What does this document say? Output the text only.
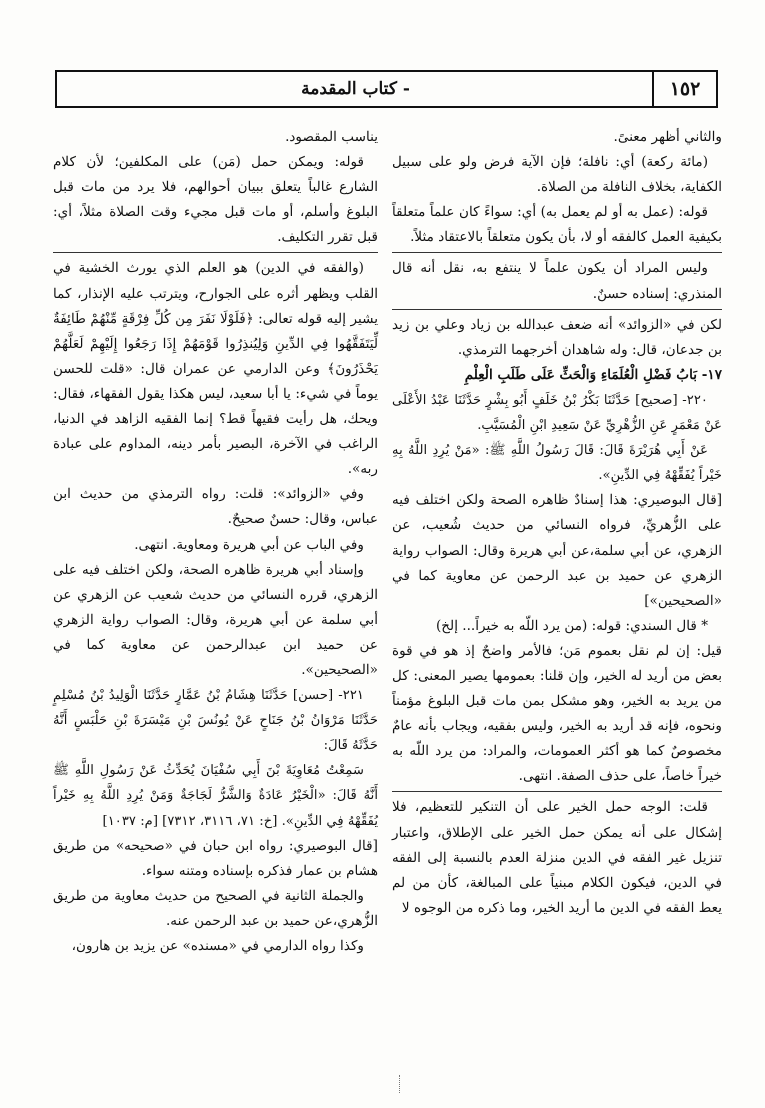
١٥٢
- كتاب المقدمة

والثاني أظهر معنىً.

(مائة ركعة) أي: نافلة؛ فإن الآية فرض ولو على سبيل الكفاية، بخلاف النافلة من الصلاة.

قوله: (عمل به أو لم يعمل به) أي: سواءً كان علماً متعلقاً بكيفية العمل كالفقه أو لا، بأن يكون متعلقاً بالاعتقاد مثلاً.

وليس المراد أن يكون علماً لا ينتفع به، نقل أنه قال المنذري: إسناده حسنٌ.

لكن في «الزوائد» أنه ضعف عبدالله بن زياد وعلي بن زيد بن جدعان، قال: وله شاهدان أخرجهما الترمذي.

١٧- بَابُ فَضْلِ الْعُلَمَاءِ وَالْحَثِّ عَلَى طَلَبِ الْعِلْمِ

٢٢٠- [صحيح] حَدَّثَنَا بَكْرُ بْنُ خَلَفٍ أَبُو بِشْرٍ حَدَّثَنَا عَبْدُ الأَعْلَى عَنْ مَعْمَرٍ عَنِ الزُّهْرِيِّ عَنْ سَعِيدِ ابْنِ الْمُسَيَّبِ.

عَنْ أَبِي هُرَيْرَةَ قَالَ: قَالَ رَسُولُ اللَّهِ ﷺ: «مَنْ يُرِدِ اللَّهُ بِهِ خَيْراً يُفَقِّهْهُ فِي الدِّينِ».

[قال البوصيري: هذا إسنادٌ ظاهره الصحة ولكن اختلف فيه على الزُّهريِّ، فرواه النسائي من حديث شُعيب، عن الزهري، عن أبي سلمة،عن أبي هريرة وقال: الصواب رواية الزهري عن حميد بن عبد الرحمن عن معاوية كما في «الصحيحين»]

* قال السندي: قوله: (من يرد اللّه به خيراً... إلخ)

قيل: إن لم نقل بعموم مَن؛ فالأمر واضحٌ إذ هو في قوة بعض من أريد له الخير، وإن قلنا: بعمومها يصير المعنى: كل من يريد به الخير، وهو مشكل بمن مات قبل البلوغ مؤمناً ونحوه، فإنه قد أريد به الخير، وليس بفقيه، ويجاب بأنه عامٌ مخصوصٌ كما هو أكثر العمومات، والمراد: من يرد اللّه به خيراً خاصاً، على حذف الصفة. انتهى.

قلت: الوجه حمل الخير على أن التنكير للتعظيم، فلا إشكال على أنه يمكن حمل الخير على الإطلاق، واعتبار تنزيل غير الفقه في الدين منزلة العدم بالنسبة إلى الفقه في الدين، فيكون الكلام مبنياً على المبالغة، كأن من لم يعط الفقه في الدين ما أريد الخير، وما ذكره من الوجوه لا

يناسب المقصود.

قوله: ويمكن حمل (مَن) على المكلفين؛ لأن كلام الشارع غالباً يتعلق ببيان أحوالهم، فلا يرد من مات قبل البلوغ وأسلم، أو مات قبل مجيء وقت الصلاة مثلاً، أي: قبل تقرر التكليف.

(والفقه في الدين) هو العلم الذي يورث الخشية في القلب ويظهر أثره على الجوارح، ويترتب عليه الإنذار، كما يشير إليه قوله تعالى: ﴿فَلَوْلَا نَفَرَ مِن كُلِّ فِرْقَةٍ مِّنْهُمْ طَائِفَةٌ لِّيَتَفَقَّهُوا فِي الدِّينِ وَلِيُنذِرُوا قَوْمَهُمْ إِذَا رَجَعُوا إِلَيْهِمْ لَعَلَّهُمْ يَحْذَرُونَ﴾ وعن الدارمي عن عمران قال: «قلت للحسن يوماً في شيء: يا أبا سعيد، ليس هكذا يقول الفقهاء، فقال: ويحك، هل رأيت فقيهاً قط؟ إنما الفقيه الزاهد في الدنيا، الراغب في الآخرة، البصير بأمر دينه، المداوم على عبادة ربه».

وفي «الزوائد»: قلت: رواه الترمذي من حديث ابن عباس، وقال: حسنٌ صحيحٌ.

وفي الباب عن أبي هريرة ومعاوية. انتهى.

وإسناد أبي هريرة ظاهره الصحة، ولكن اختلف فيه على الزهري، قرره النسائي من حديث شعيب عن الزهري عن أبي سلمة عن أبي هريرة، وقال: الصواب رواية الزهري عن حميد ابن عبدالرحمن عن معاوية كما في «الصحيحين».

٢٢١- [حسن] حَدَّثَنَا هِشَامُ بْنُ عَمَّارٍ حَدَّثَنَا الْوَلِيدُ بْنُ مُسْلِمٍ حَدَّثَنَا مَرْوَانُ بْنُ جَنَاحٍ عَنْ يُونُسَ بْنِ مَيْسَرَةَ بْنِ حَلْبَسٍ أَنَّهُ حَدَّثَهُ قَالَ:

سَمِعْتُ مُعَاوِيَةَ بْنَ أَبِي سُفْيَانَ يُحَدِّثُ عَنْ رَسُولِ اللَّهِ ﷺ أَنَّهُ قَالَ: «الْخَيْرُ عَادَةٌ وَالشَّرُّ لَجَاجَةٌ وَمَنْ يُرِدِ اللَّهُ بِهِ خَيْراً يُفَقِّهْهُ فِي الدِّينِ». [خ: ٧١، ٣١١٦، ٧٣١٢] [م: ١٠٣٧]

[قال البوصيري: رواه ابن حبان في «صحيحه» من طريق هشام بن عمار فذكره بإسناده ومتنه سواء.

والجملة الثانية في الصحيح من حديث معاوية من طريق الزُّهري،عن حميد بن عبد الرحمن عنه.

وكذا رواه الدارمي في «مسنده» عن يزيد بن هارون،
